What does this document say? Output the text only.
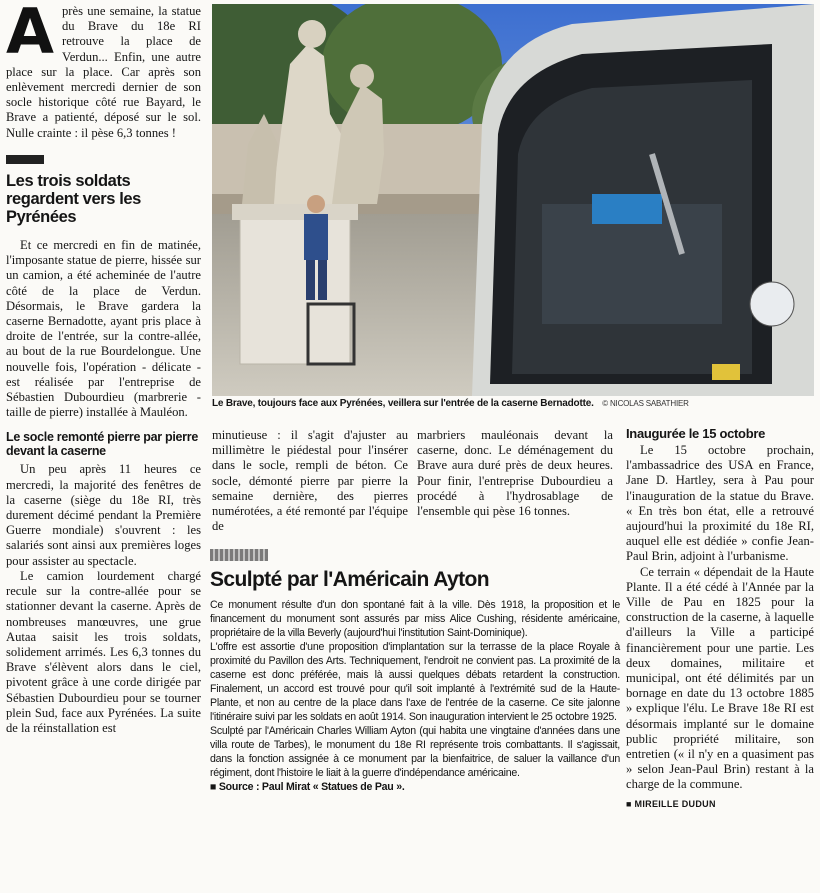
A près une semaine, la statue du Brave du 18e RI retrouve la place de Verdun... Enfin, une autre place sur la place. Car après son enlèvement mercredi dernier de son socle historique côté rue Bayard, le Brave a patienté, déposé sur le sol. Nulle crainte : il pèse 6,3 tonnes !
Les trois soldats regardent vers les Pyrénées

Et ce mercredi en fin de matinée, l'imposante statue de pierre, hissée sur un camion, a été acheminée de l'autre côté de la place de Verdun. Désormais, le Brave gardera la caserne Bernadotte, ayant pris place à droite de l'entrée, sur la contre-allée, au bout de la rue Bourdelongue. Une nouvelle fois, l'opération - délicate - est réalisée par l'entreprise de Sébastien Dubourdieu (marbrerie - taille de pierre) installée à Mauléon.

Le socle remonté pierre par pierre devant la caserne

Un peu après 11 heures ce mercredi, la majorité des fenêtres de la caserne (siège du 18e RI, très durement décimé pendant la Première Guerre mondiale) s'ouvrent : les salariés sont ainsi aux premières loges pour assister au spectacle.

Le camion lourdement chargé recule sur la contre-allée pour se stationner devant la caserne. Après de nombreuses manœuvres, une grue Autaa saisit les trois soldats, solidement arrimés. Les 6,3 tonnes du Brave s'élèvent alors dans le ciel, pivotent grâce à une corde dirigée par Sébastien Dubourdieu pour se tourner plein Sud, face aux Pyrénées. La suite de la réinstallation est

Le Brave, toujours face aux Pyrénées, veillera sur l'entrée de la caserne Bernadotte. © NICOLAS SABATHIER

minutieuse : il s'agit d'ajuster au millimètre le piédestal pour l'insérer dans le socle, rempli de béton. Ce socle, démonté pierre par pierre la semaine dernière, des pierres numérotées, a été remonté par l'équipe de

marbriers mauléonais devant la caserne, donc. Le déménagement du Brave aura duré près de deux heures. Pour finir, l'entreprise Dubourdieu a procédé à l'hydrosablage de l'ensemble qui pèse 16 tonnes.

Sculpté par l'Américain Ayton

Ce monument résulte d'un don spontané fait à la ville. Dès 1918, la proposition et le financement du monument sont assurés par miss Alice Cushing, résidente américaine, propriétaire de la villa Beverly (aujourd'hui l'institution Saint-Dominique).

L'offre est assortie d'une proposition d'implantation sur la terrasse de la place Royale à proximité du Pavillon des Arts. Techniquement, l'endroit ne convient pas. La proximité de la caserne est donc préférée, mais là aussi quelques débats retardent la construction. Finalement, un accord est trouvé pour qu'il soit implanté à l'extrémité sud de la Haute-Plante, et non au centre de la place dans l'axe de l'entrée de la caserne. Ce site jalonne l'itinéraire suivi par les soldats en août 1914. Son inauguration intervient le 25 octobre 1925.

Sculpté par l'Américain Charles William Ayton (qui habita une vingtaine d'années dans une villa route de Tarbes), le monument du 18e RI représente trois combattants. Il s'agissait, dans la fonction assignée à ce monument par la bienfaitrice, de saluer la vaillance d'un régiment, dont l'histoire le liait à la guerre d'indépendance américaine.

■ Source : Paul Mirat « Statues de Pau ».

Inaugurée le 15 octobre

Le 15 octobre prochain, l'ambassadrice des USA en France, Jane D. Hartley, sera à Pau pour l'inauguration de la statue du Brave. « En très bon état, elle a retrouvé aujourd'hui la proximité du 18e RI, auquel elle est dédiée » confie Jean-Paul Brin, adjoint à l'urbanisme.

Ce terrain « dépendait de la Haute Plante. Il a été cédé à l'Année par la Ville de Pau en 1825 pour la construction de la caserne, à laquelle d'ailleurs la Ville a participé financièrement pour une partie. Les deux domaines, militaire et municipal, ont été délimités par un bornage en date du 13 octobre 1885 » explique l'élu. Le Brave 18e RI est désormais implanté sur le domaine public propriété militaire, son entretien (« il n'y en a quasiment pas » selon Jean-Paul Brin) restant à la charge de la commune.

■ MIREILLE DUDUN
